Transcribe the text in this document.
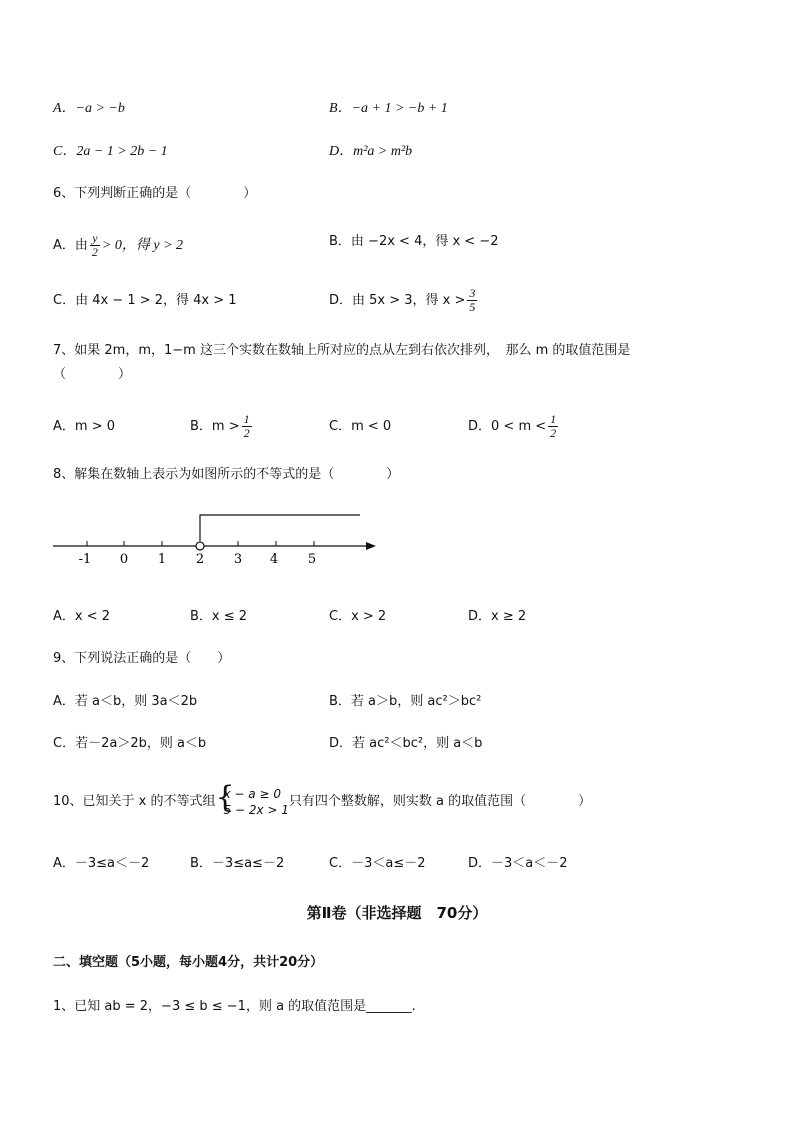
A．−a > −b	B．−a + 1 > −b + 1
C．2a − 1 > 2b − 1	D．m²a > m²b
6、下列判断正确的是（　　　　）
A．由 $\frac{y}{2} > 0$，得 y > 2	B．由 −2x < 4，得 x < −2
C．由 4x − 1 > 2，得 4x > 1	D．由 5x > 3，得 $x > \frac{3}{5}$
7、如果 2m，m，1−m 这三个实数在数轴上所对应的点从左到右依次排列，　那么 m 的取值范围是
（　　　　）
A．m > 0	B．$m > \frac{1}{2}$	C．m < 0	D．$0 < m < \frac{1}{2}$
8、解集在数轴上表示为如图所示的不等式的是（　　　　）
-1 0 1 2 3 4 5
A．x < 2	B．x ≤ 2	C．x > 2	D．x ≥ 2
9、下列说法正确的是（　　）
A．若 a＜b，则 3a＜2b	B．若 a＞b，则 ac²＞bc²
C．若－2a＞2b，则 a＜b	D．若 ac²＜bc²，则 a＜b
10、已知关于 x 的不等式组 {
x − a ≥ 0
5 − 2x > 1
只有四个整数解，则实数 a 的取值范围（　　　　）
A．－3≤a＜－2	B．－3≤a≤－2	C．－3＜a≤－2	D．－3＜a＜－2
第Ⅱ卷（非选择题　70分）
二、填空题（5小题，每小题4分，共计20分）
1、已知 ab = 2，−3 ≤ b ≤ −1，则 a 的取值范围是_______.
